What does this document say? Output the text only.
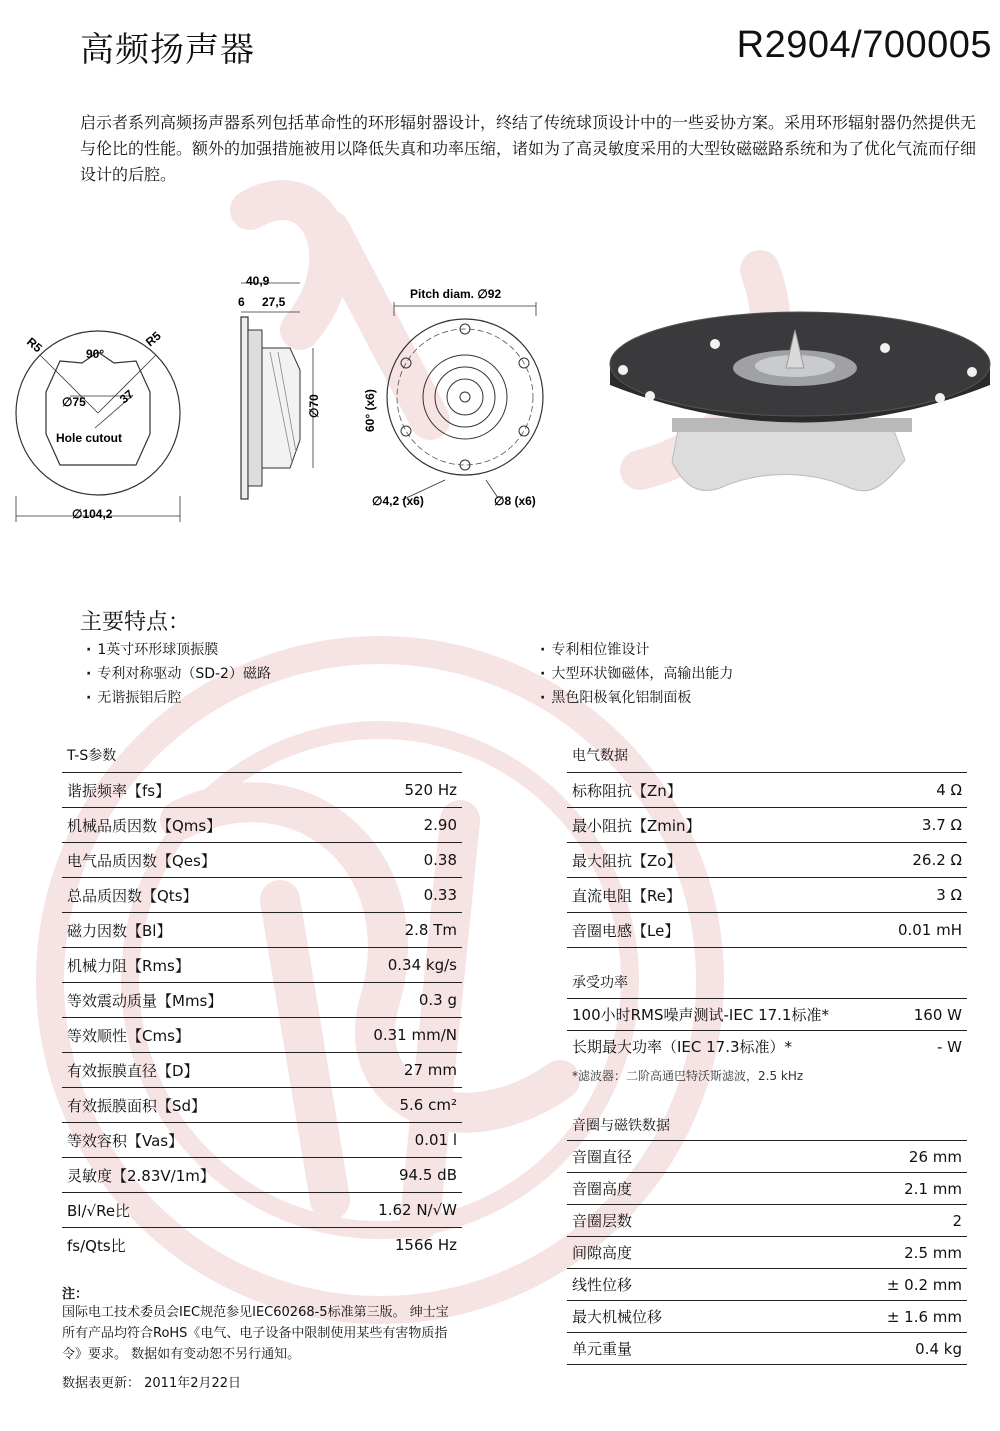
高频扬声器	R2904/700005
启示者系列高频扬声器系列包括革命性的环形辐射器设计，终结了传统球顶设计中的一些妥协方案。采用环形辐射器仍然提供无与伦比的性能。额外的加强措施被用以降低失真和功率压缩，诸如为了高灵敏度采用的大型钕磁磁路系统和为了优化气流而仔细设计的后腔。
R5	R5
90°
∅75	37
Hole cutout
∅104,2
40,9
6 27,5
∅70
Pitch diam. ∅92
60° (x6)
∅4,2 (x6)	∅8 (x6)
主要特点：
· 1英寸环形球顶振膜
· 专利对称驱动（SD-2）磁路
· 无谐振铝后腔
· 专利相位锥设计
· 大型环状铷磁体，高输出能力
· 黑色阳极氧化铝制面板
T-S参数
谐振频率【fs】	520 Hz
机械品质因数【Qms】	2.90
电气品质因数【Qes】	0.38
总品质因数【Qts】	0.33
磁力因数【Bl】	2.8 Tm
机械力阻【Rms】	0.34 kg/s
等效震动质量【Mms】	0.3 g
等效顺性【Cms】	0.31 mm/N
有效振膜直径【D】	27 mm
有效振膜面积【Sd】	5.6 cm²
等效容积【Vas】	0.01 l
灵敏度【2.83V/1m】	94.5 dB
Bl/√Re比	1.62 N/√W
fs/Qts比	1566 Hz
电气数据
标称阻抗【Zn】	4 Ω
最小阻抗【Zmin】	3.7 Ω
最大阻抗【Zo】	26.2 Ω
直流电阻【Re】	3 Ω
音圈电感【Le】	0.01 mH
承受功率
100小时RMS噪声测试-IEC 17.1标准*	160 W
长期最大功率（IEC 17.3标准）*	- W
*滤波器：二阶高通巴特沃斯滤波，2.5 kHz
音圈与磁铁数据
音圈直径	26 mm
音圈高度	2.1 mm
音圈层数	2
间隙高度	2.5 mm
线性位移	± 0.2 mm
最大机械位移	± 1.6 mm
单元重量	0.4 kg
注：
国际电工技术委员会IEC规范参见IEC60268-5标准第三版。 绅士宝所有产品均符合RoHS《电气、电子设备中限制使用某些有害物质指令》要求。 数据如有变动恕不另行通知。
数据表更新： 2011年2月22日
